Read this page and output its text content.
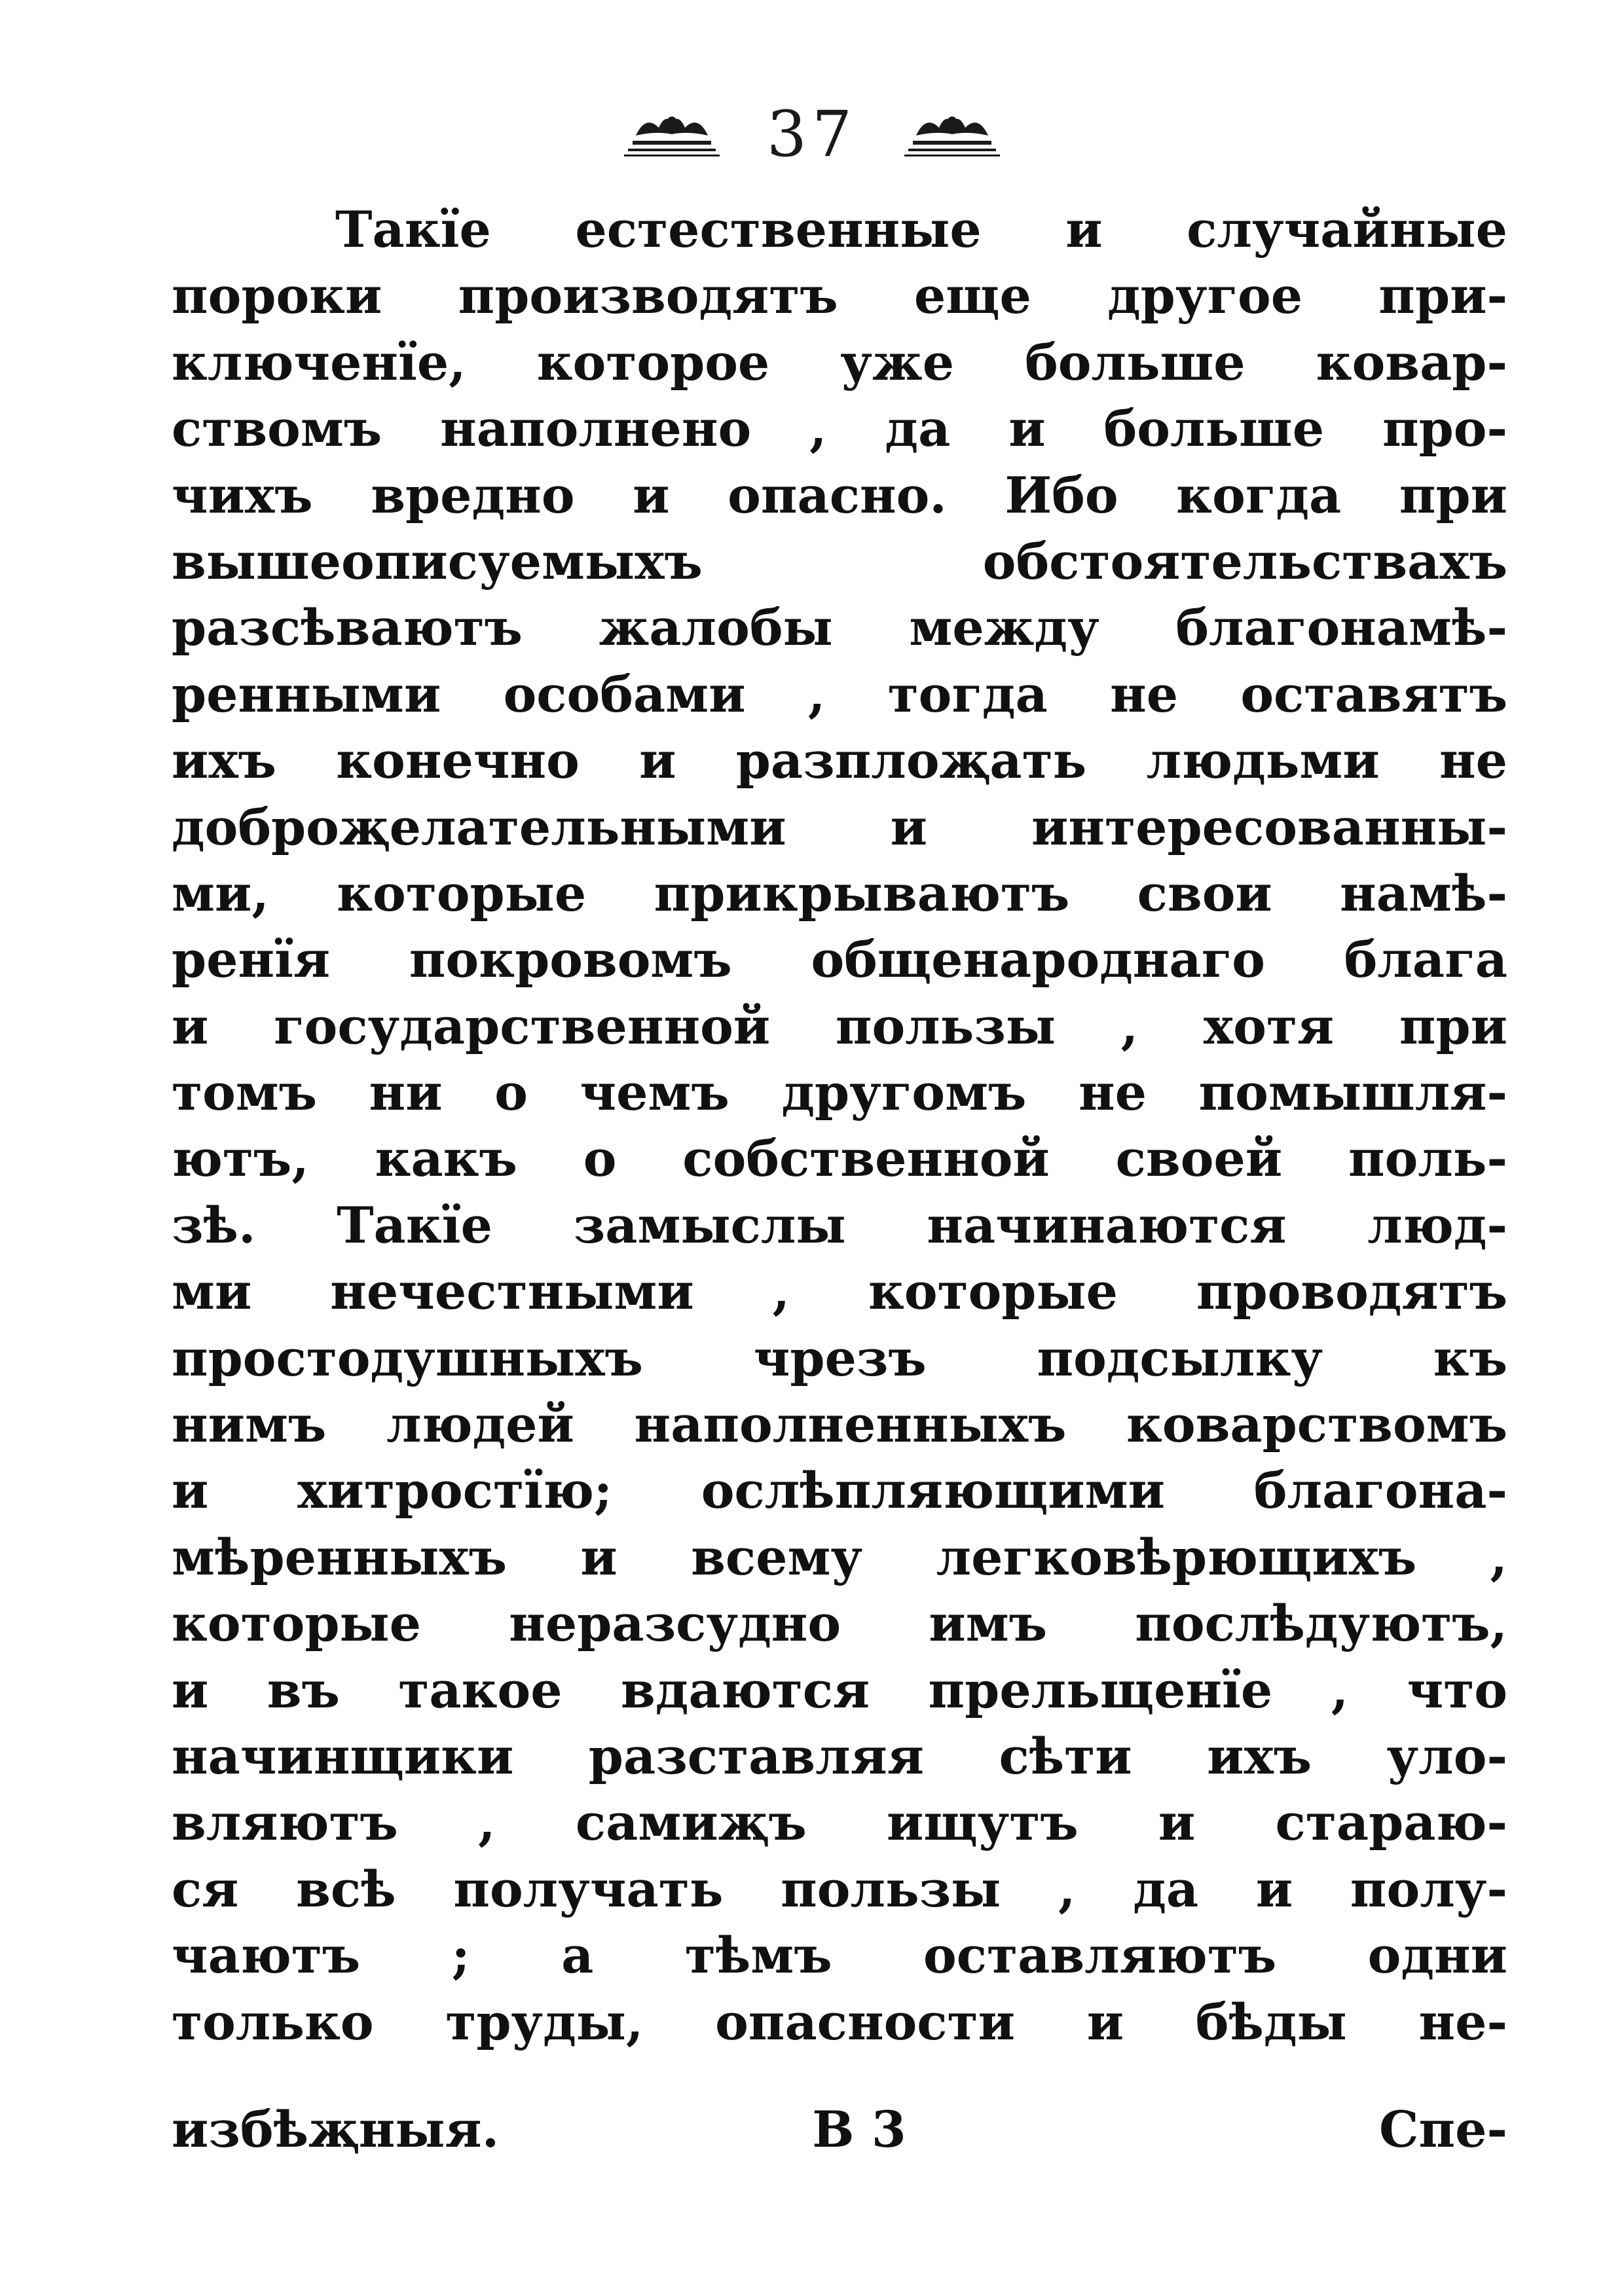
37
Такїе естественные и случайные
пороки производятъ еще другое при-
ключенїе, которое уже больше ковар-
ствомъ наполнено , да и больше про-
чихъ вредно и опасно. Ибо когда при
вышеописуемыхъ обстоятельствахъ
разсѣваютъ жалобы между благонамѣ-
ренными особами , тогда не оставятъ
ихъ конечно и разплоҗать людьми не
доброҗелательными и интересованны-
ми, которые прикрываютъ свои намѣ-
ренїя покровомъ общенароднаго блага
и государственной пользы , хотя при
томъ ни о чемъ другомъ не помышля-
ютъ, какъ о собственной своей поль-
зѣ. Такїе замыслы начинаются люд-
ми нечестными , которые проводятъ
простодушныхъ чрезъ подсылку къ
нимъ людей наполненныхъ коварствомъ
и хитростїю; ослѣпляющими благона-
мѣренныхъ и всему легковѣрющихъ ,
которые неразсудно имъ послѣдуютъ,
и въ такое вдаются прельщенїе , что
начинщики разставляя сѣти ихъ уло-
вляютъ , самиҗъ ищутъ и стараю-
ся всѣ получать пользы , да и полу-
чаютъ ; а тѣмъ оставляютъ одни
только труды, опасности и бѣды не-
избѣҗныя.	В 3	Спе-
